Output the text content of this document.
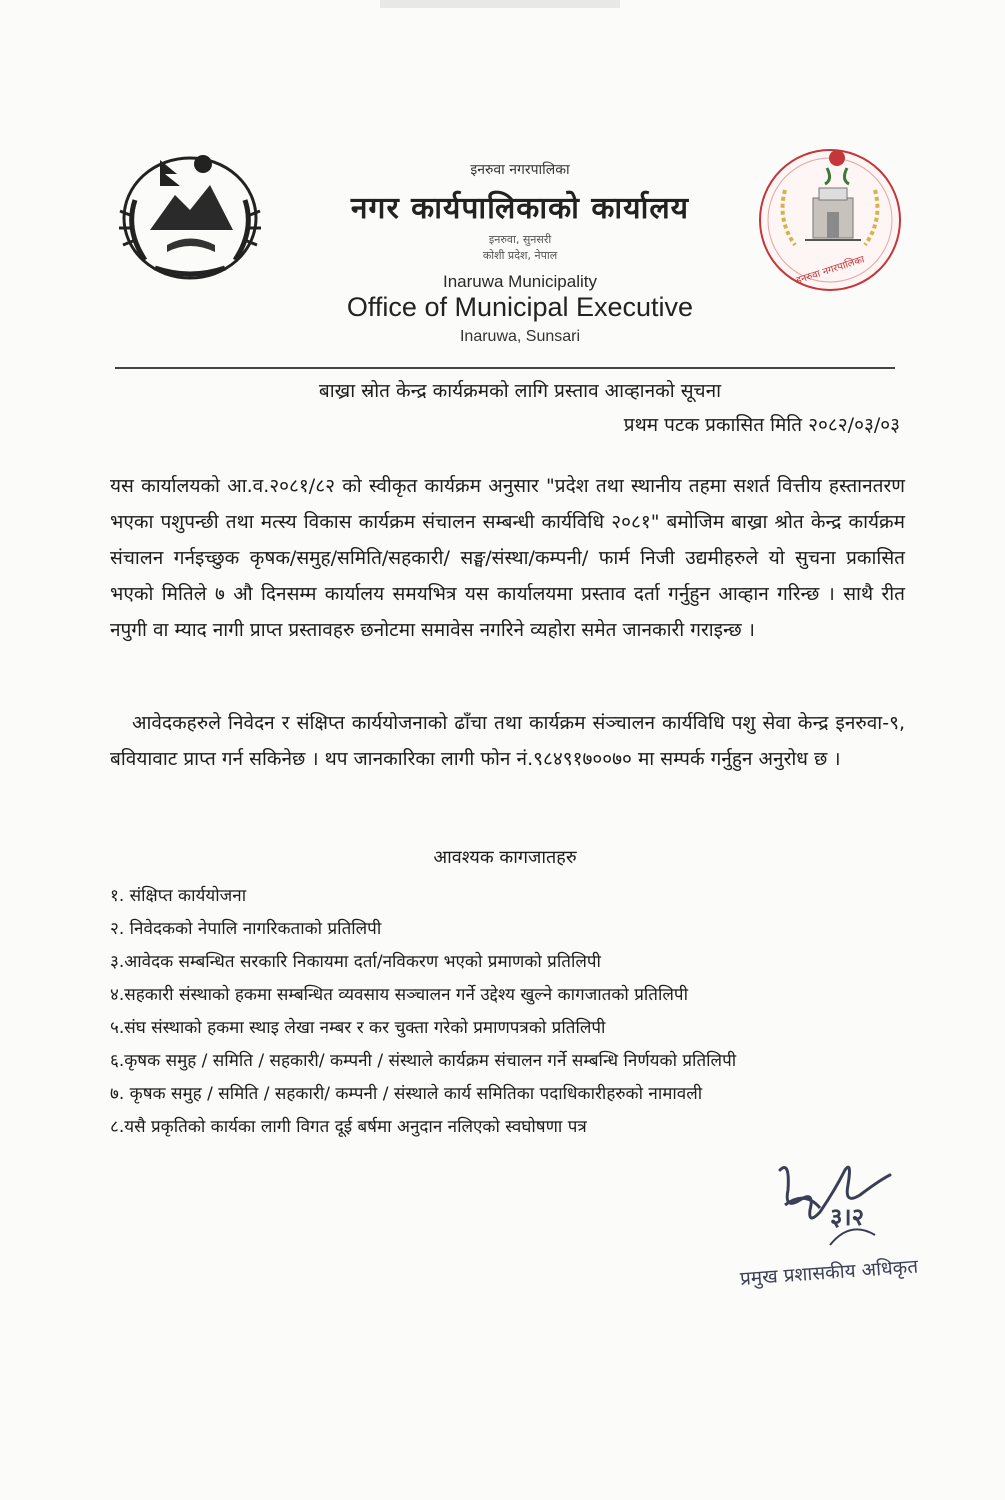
इनरुवा नगरपालिका
इनरुवा नगरपालिका
नगर कार्यपालिकाको कार्यालय
इनरुवा, सुनसरी
कोशी प्रदेश, नेपाल
Inaruwa Municipality
Office of Municipal Executive
Inaruwa, Sunsari
बाख्रा स्रोत केन्द्र कार्यक्रमको लागि प्रस्ताव आव्हानको सूचना
प्रथम पटक प्रकासित मिति २०८२/०३/०३
यस कार्यालयको आ.व.२०८१/८२ को स्वीकृत कार्यक्रम अनुसार "प्रदेश तथा स्थानीय तहमा सशर्त वित्तीय हस्तानतरण भएका पशुपन्छी तथा मत्स्य विकास कार्यक्रम संचालन सम्बन्धी कार्यविधि २०८१" बमोजिम बाख्रा श्रोत केन्द्र कार्यक्रम संचालन गर्नइच्छुक कृषक/समुह/समिति/सहकारी/ सङ्घ/संस्था/कम्पनी/ फार्म निजी उद्यमीहरुले यो सुचना प्रकासित भएको मितिले ७ औ दिनसम्म कार्यालय समयभित्र यस कार्यालयमा प्रस्ताव दर्ता गर्नुहुन आव्हान गरिन्छ । साथै रीत नपुगी वा म्याद नागी प्राप्त प्रस्तावहरु छनोटमा समावेस नगरिने व्यहोरा समेत जानकारी गराइन्छ ।
आवेदकहरुले निवेदन र संक्षिप्त कार्ययोजनाको ढाँचा तथा कार्यक्रम संञ्चालन कार्यविधि पशु सेवा केन्द्र इनरुवा-९, बवियावाट प्राप्त गर्न सकिनेछ । थप जानकारिका लागी फोन नं.९८४९१७००७० मा सम्पर्क गर्नुहुन अनुरोध छ ।
आवश्यक कागजातहरु
१. संक्षिप्त कार्ययोजना
२. निवेदकको नेपालि नागरिकताको प्रतिलिपी
३.आवेदक सम्बन्धित सरकारि निकायमा दर्ता/नविकरण भएको प्रमाणको प्रतिलिपी
४.सहकारी संस्थाको हकमा सम्बन्धित व्यवसाय सञ्चालन गर्ने उद्देश्य खुल्ने कागजातको प्रतिलिपी
५.संघ संस्थाको हकमा स्थाइ लेखा नम्बर र कर चुक्ता गरेको प्रमाणपत्रको प्रतिलिपी
६.कृषक समुह / समिति / सहकारी/ कम्पनी / संस्थाले कार्यक्रम संचालन गर्ने सम्बन्धि निर्णयको प्रतिलिपी
७. कृषक समुह / समिति / सहकारी/ कम्पनी / संस्थाले कार्य समितिका पदाधिकारीहरुको नामावली
८.यसै प्रकृतिको कार्यका लागी विगत दूई बर्षमा अनुदान नलिएको स्वघोषणा पत्र
३।२
प्रमुख प्रशासकीय अधिकृत
